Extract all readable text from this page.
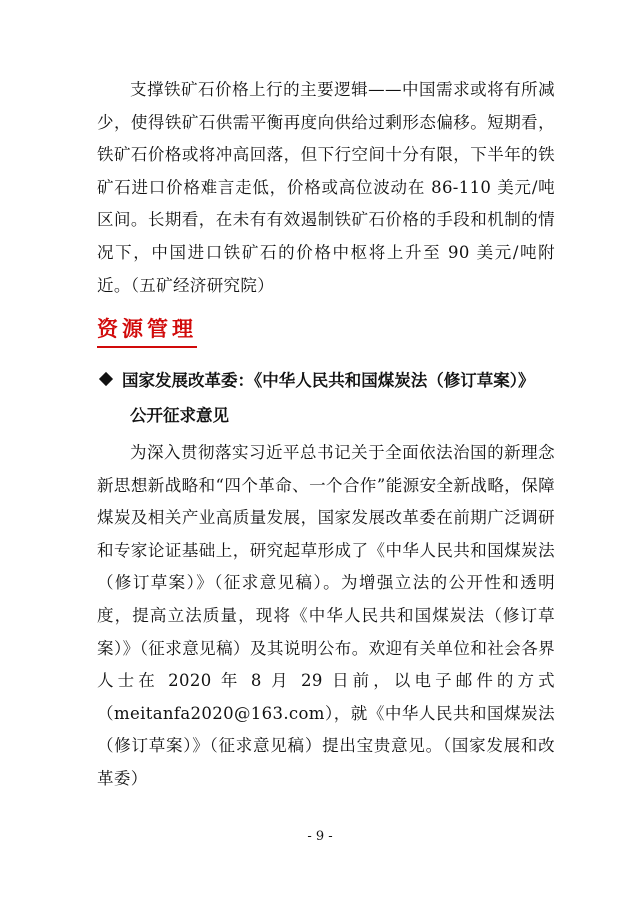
支撑铁矿石价格上行的主要逻辑——中国需求或将有所减少，使得铁矿石供需平衡再度向供给过剩形态偏移。短期看，铁矿石价格或将冲高回落，但下行空间十分有限，下半年的铁矿石进口价格难言走低，价格或高位波动在 86-110 美元/吨区间。长期看，在未有有效遏制铁矿石价格的手段和机制的情况下，中国进口铁矿石的价格中枢将上升至 90 美元/吨附近。（五矿经济研究院）

资源管理
国家发展改革委：《中华人民共和国煤炭法（修订草案）》
公开征求意见

为深入贯彻落实习近平总书记关于全面依法治国的新理念新思想新战略和“四个革命、一个合作”能源安全新战略，保障煤炭及相关产业高质量发展，国家发展改革委在前期广泛调研和专家论证基础上，研究起草形成了《中华人民共和国煤炭法（修订草案）》（征求意见稿）。为增强立法的公开性和透明度，提高立法质量，现将《中华人民共和国煤炭法（修订草案）》（征求意见稿）及其说明公布。欢迎有关单位和社会各界人士在 2020 年 8 月 29 日前，以电子邮件的方式（meitanfa2020@163.com），就《中华人民共和国煤炭法（修订草案）》（征求意见稿）提出宝贵意见。（国家发展和改革委）

- 9 -
